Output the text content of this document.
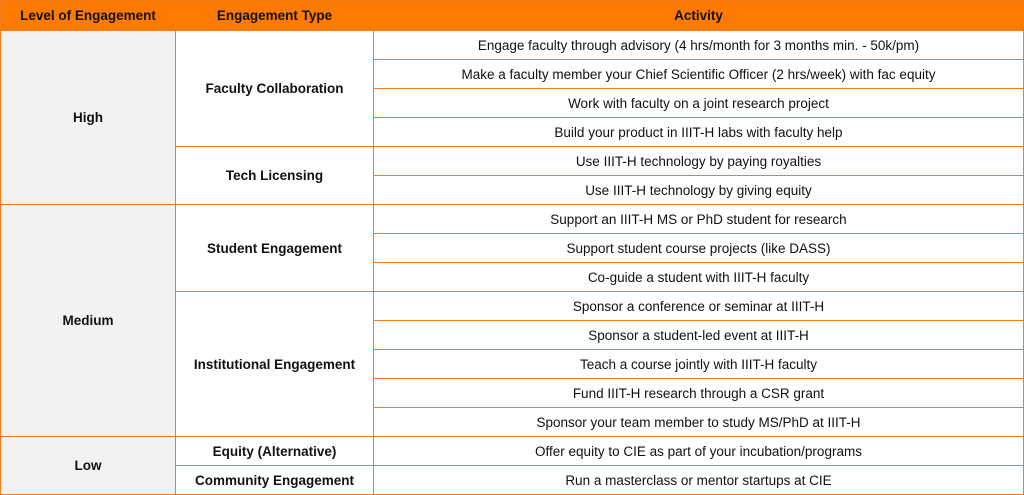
Level of Engagement	Engagement Type	Activity
High	Faculty Collaboration	Engage faculty through advisory (4 hrs/month for 3 months min. - 50k/pm)
		Make a faculty member your Chief Scientific Officer (2 hrs/week) with fac equity
		Work with faculty on a joint research project
		Build your product in IIIT-H labs with faculty help
	Tech Licensing	Use IIIT-H technology by paying royalties
		Use IIIT-H technology by giving equity
Medium	Student Engagement	Support an IIIT-H MS or PhD student for research
		Support student course projects (like DASS)
		Co-guide a student with IIIT-H faculty
	Institutional Engagement	Sponsor a conference or seminar at IIIT-H
		Sponsor a student-led event at IIIT-H
		Teach a course jointly with IIIT-H faculty
		Fund IIIT-H research through a CSR grant
		Sponsor your team member to study MS/PhD at IIIT-H
Low	Equity (Alternative)	Offer equity to CIE as part of your incubation/programs
	Community Engagement	Run a masterclass or mentor startups at CIE
